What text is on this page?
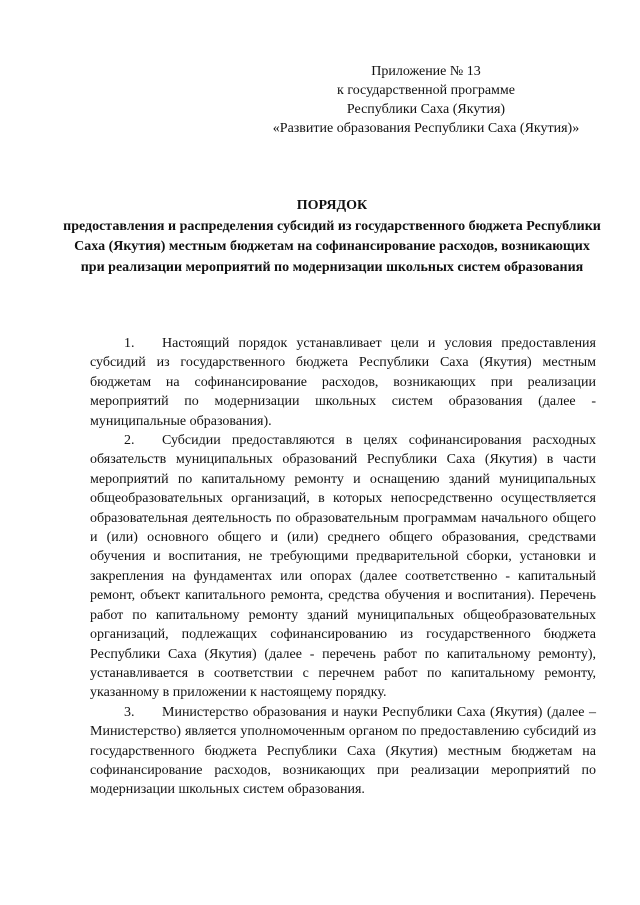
Приложение № 13
к государственной программе
Республики Саха (Якутия)
«Развитие образования Республики Саха (Якутия)»
ПОРЯДОК
предоставления и распределения субсидий из государственного бюджета Республики Саха (Якутия) местным бюджетам на софинансирование расходов, возникающих при реализации мероприятий по модернизации школьных систем образования

1. Настоящий порядок устанавливает цели и условия предоставления субсидий из государственного бюджета Республики Саха (Якутия) местным бюджетам на софинансирование расходов, возникающих при реализации мероприятий по модернизации школьных систем образования (далее - муниципальные образования).

2. Субсидии предоставляются в целях софинансирования расходных обязательств муниципальных образований Республики Саха (Якутия) в части мероприятий по капитальному ремонту и оснащению зданий муниципальных общеобразовательных организаций, в которых непосредственно осуществляется образовательная деятельность по образовательным программам начального общего и (или) основного общего и (или) среднего общего образования, средствами обучения и воспитания, не требующими предварительной сборки, установки и закрепления на фундаментах или опорах (далее соответственно - капитальный ремонт, объект капитального ремонта, средства обучения и воспитания). Перечень работ по капитальному ремонту зданий муниципальных общеобразовательных организаций, подлежащих софинансированию из государственного бюджета Республики Саха (Якутия) (далее - перечень работ по капитальному ремонту), устанавливается в соответствии с перечнем работ по капитальному ремонту, указанному в приложении к настоящему порядку.

3. Министерство образования и науки Республики Саха (Якутия) (далее – Министерство) является уполномоченным органом по предоставлению субсидий из государственного бюджета Республики Саха (Якутия) местным бюджетам на софинансирование расходов, возникающих при реализации мероприятий по модернизации школьных систем образования.
